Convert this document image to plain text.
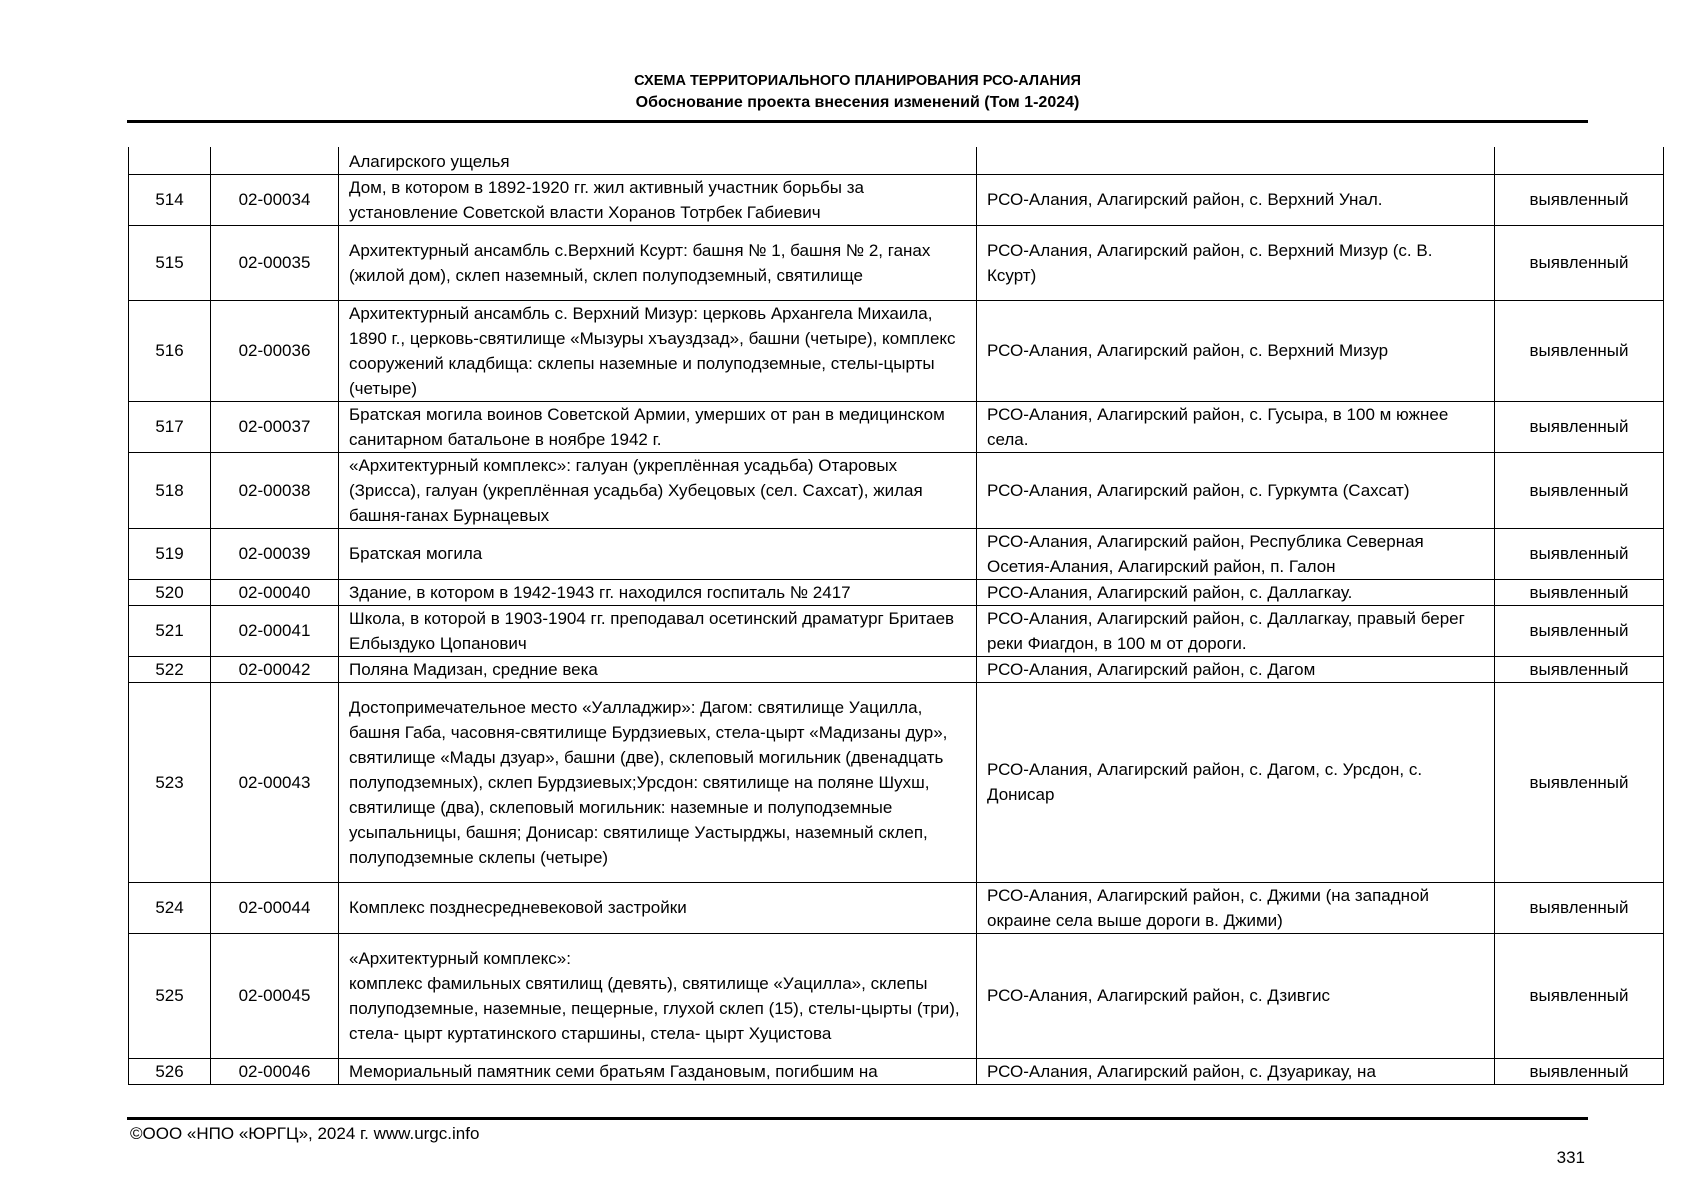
СХЕМА ТЕРРИТОРИАЛЬНОГО ПЛАНИРОВАНИЯ РСО-АЛАНИЯ
Обоснование проекта внесения изменений (Том 1-2024)
		Алагирского ущелья		
514	02-00034	Дом, в котором в 1892-1920 гг. жил активный участник борьбы за установление Советской власти Хоранов Тотрбек Габиевич	РСО-Алания, Алагирский район, с. Верхний Унал.	выявленный
515	02-00035	Архитектурный ансамбль с.Верхний Ксурт: башня № 1, башня № 2, ганах (жилой дом), склеп наземный, склеп полуподземный, святилище	РСО-Алания, Алагирский район, с. Верхний Мизур (с. В. Ксурт)	выявленный
516	02-00036	Архитектурный ансамбль с. Верхний Мизур: церковь Архангела Михаила, 1890 г., церковь-святилище «Мызуры хъауздзад», башни (четыре), комплекс сооружений кладбища: склепы наземные и полуподземные, стелы-цырты (четыре)	РСО-Алания, Алагирский район, с. Верхний Мизур	выявленный
517	02-00037	Братская могила воинов Советской Армии, умерших от ран в медицинском санитарном батальоне в ноябре 1942 г.	РСО-Алания, Алагирский район, с. Гусыра, в 100 м южнее села.	выявленный
518	02-00038	«Архитектурный комплекс»: галуан (укреплённая усадьба) Отаровых (Зрисса), галуан (укреплённая усадьба) Хубецовых (сел. Сахсат), жилая башня-ганах Бурнацевых	РСО-Алания, Алагирский район, с. Гуркумта (Сахсат)	выявленный
519	02-00039	Братская могила	РСО-Алания, Алагирский район, Республика Северная Осетия-Алания, Алагирский район, п. Галон	выявленный
520	02-00040	Здание, в котором в 1942-1943 гг. находился госпиталь № 2417	РСО-Алания, Алагирский район, с. Даллагкау.	выявленный
521	02-00041	Школа, в которой в 1903-1904 гг. преподавал осетинский драматург Бритаев Елбыздуко Цопанович	РСО-Алания, Алагирский район, с. Даллагкау, правый берег реки Фиагдон, в 100 м от дороги.	выявленный
522	02-00042	Поляна Мадизан, средние века	РСО-Алания, Алагирский район, с. Дагом	выявленный
523	02-00043	Достопримечательное место «Уалладжир»: Дагом: святилище Уацилла, башня Габа, часовня-святилище Бурдзиевых, стела-цырт «Мадизаны дур», святилище «Мады дзуар», башни (две), склеповый могильник (двенадцать полуподземных), склеп Бурдзиевых;Урсдон: святилище на поляне Шухш, святилище (два), склеповый могильник: наземные и полуподземные усыпальницы, башня; Донисар: святилище Уастырджы, наземный склеп, полуподземные склепы (четыре)	РСО-Алания, Алагирский район, с. Дагом, с. Урсдон, с. Донисар	выявленный
524	02-00044	Комплекс позднесредневековой застройки	РСО-Алания, Алагирский район, с. Джими (на западной окраине села выше дороги в. Джими)	выявленный
525	02-00045	«Архитектурный комплекс»:
комплекс фамильных святилищ (девять), святилище «Уацилла», склепы полуподземные, наземные, пещерные, глухой склеп (15), стелы-цырты (три), стела- цырт куртатинского старшины, стела- цырт Хуцистова	РСО-Алания, Алагирский район, с. Дзивгис	выявленный
526	02-00046	Мемориальный памятник семи братьям Газдановым, погибшим на	РСО-Алания, Алагирский район, с. Дзуарикау, на	выявленный
©ООО «НПО «ЮРГЦ», 2024 г. www.urgc.info
331
